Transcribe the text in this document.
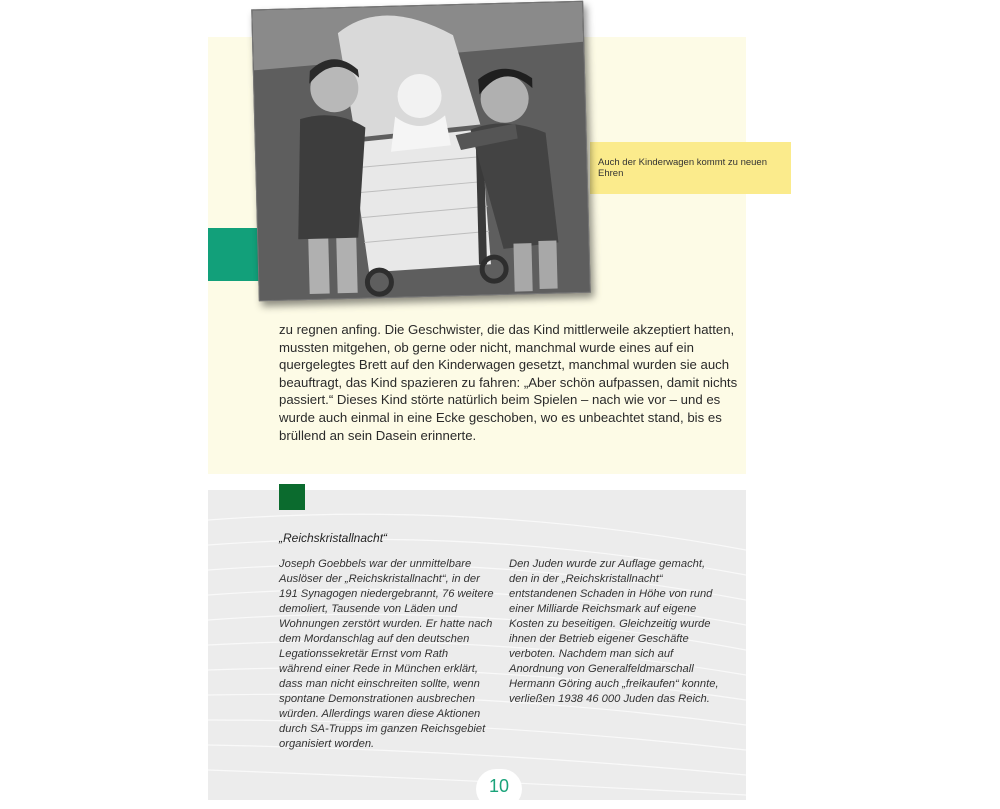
Auch der Kinderwagen kommt zu neuen Ehren
zu regnen anfing. Die Geschwister, die das Kind mittlerweile akzeptiert hatten, mussten mitgehen, ob gerne oder nicht, manchmal wurde eines auf ein quergelegtes Brett auf den Kinderwagen gesetzt, manchmal wurden sie auch beauftragt, das Kind spazieren zu fahren: „Aber schön aufpassen, damit nichts passiert.“ Dieses Kind störte natürlich beim Spielen – nach wie vor – und es wurde auch einmal in eine Ecke geschoben, wo es unbeachtet stand, bis es brüllend an sein Dasein erinnerte.
„Reichskristallnacht“
Joseph Goebbels war der unmittelbare Auslöser der „Reichskristallnacht“, in der 191 Synagogen niedergebrannt, 76 weitere demoliert, Tausende von Läden und Wohnungen zerstört wurden. Er hatte nach dem Mordanschlag auf den deutschen Legationssekretär Ernst vom Rath während einer Rede in München erklärt, dass man nicht einschreiten sollte, wenn spontane Demonstrationen ausbrechen würden. Allerdings waren diese Aktionen durch SA-Trupps im ganzen Reichsgebiet organisiert worden.
Den Juden wurde zur Auflage gemacht, den in der „Reichskristallnacht“ entstandenen Schaden in Höhe von rund einer Milliarde Reichsmark auf eigene Kosten zu beseitigen. Gleichzeitig wurde ihnen der Betrieb eigener Geschäfte verboten. Nachdem man sich auf Anordnung von Generalfeldmarschall Hermann Göring auch „freikaufen“ konnte, verließen 1938 46 000 Juden das Reich.
10
